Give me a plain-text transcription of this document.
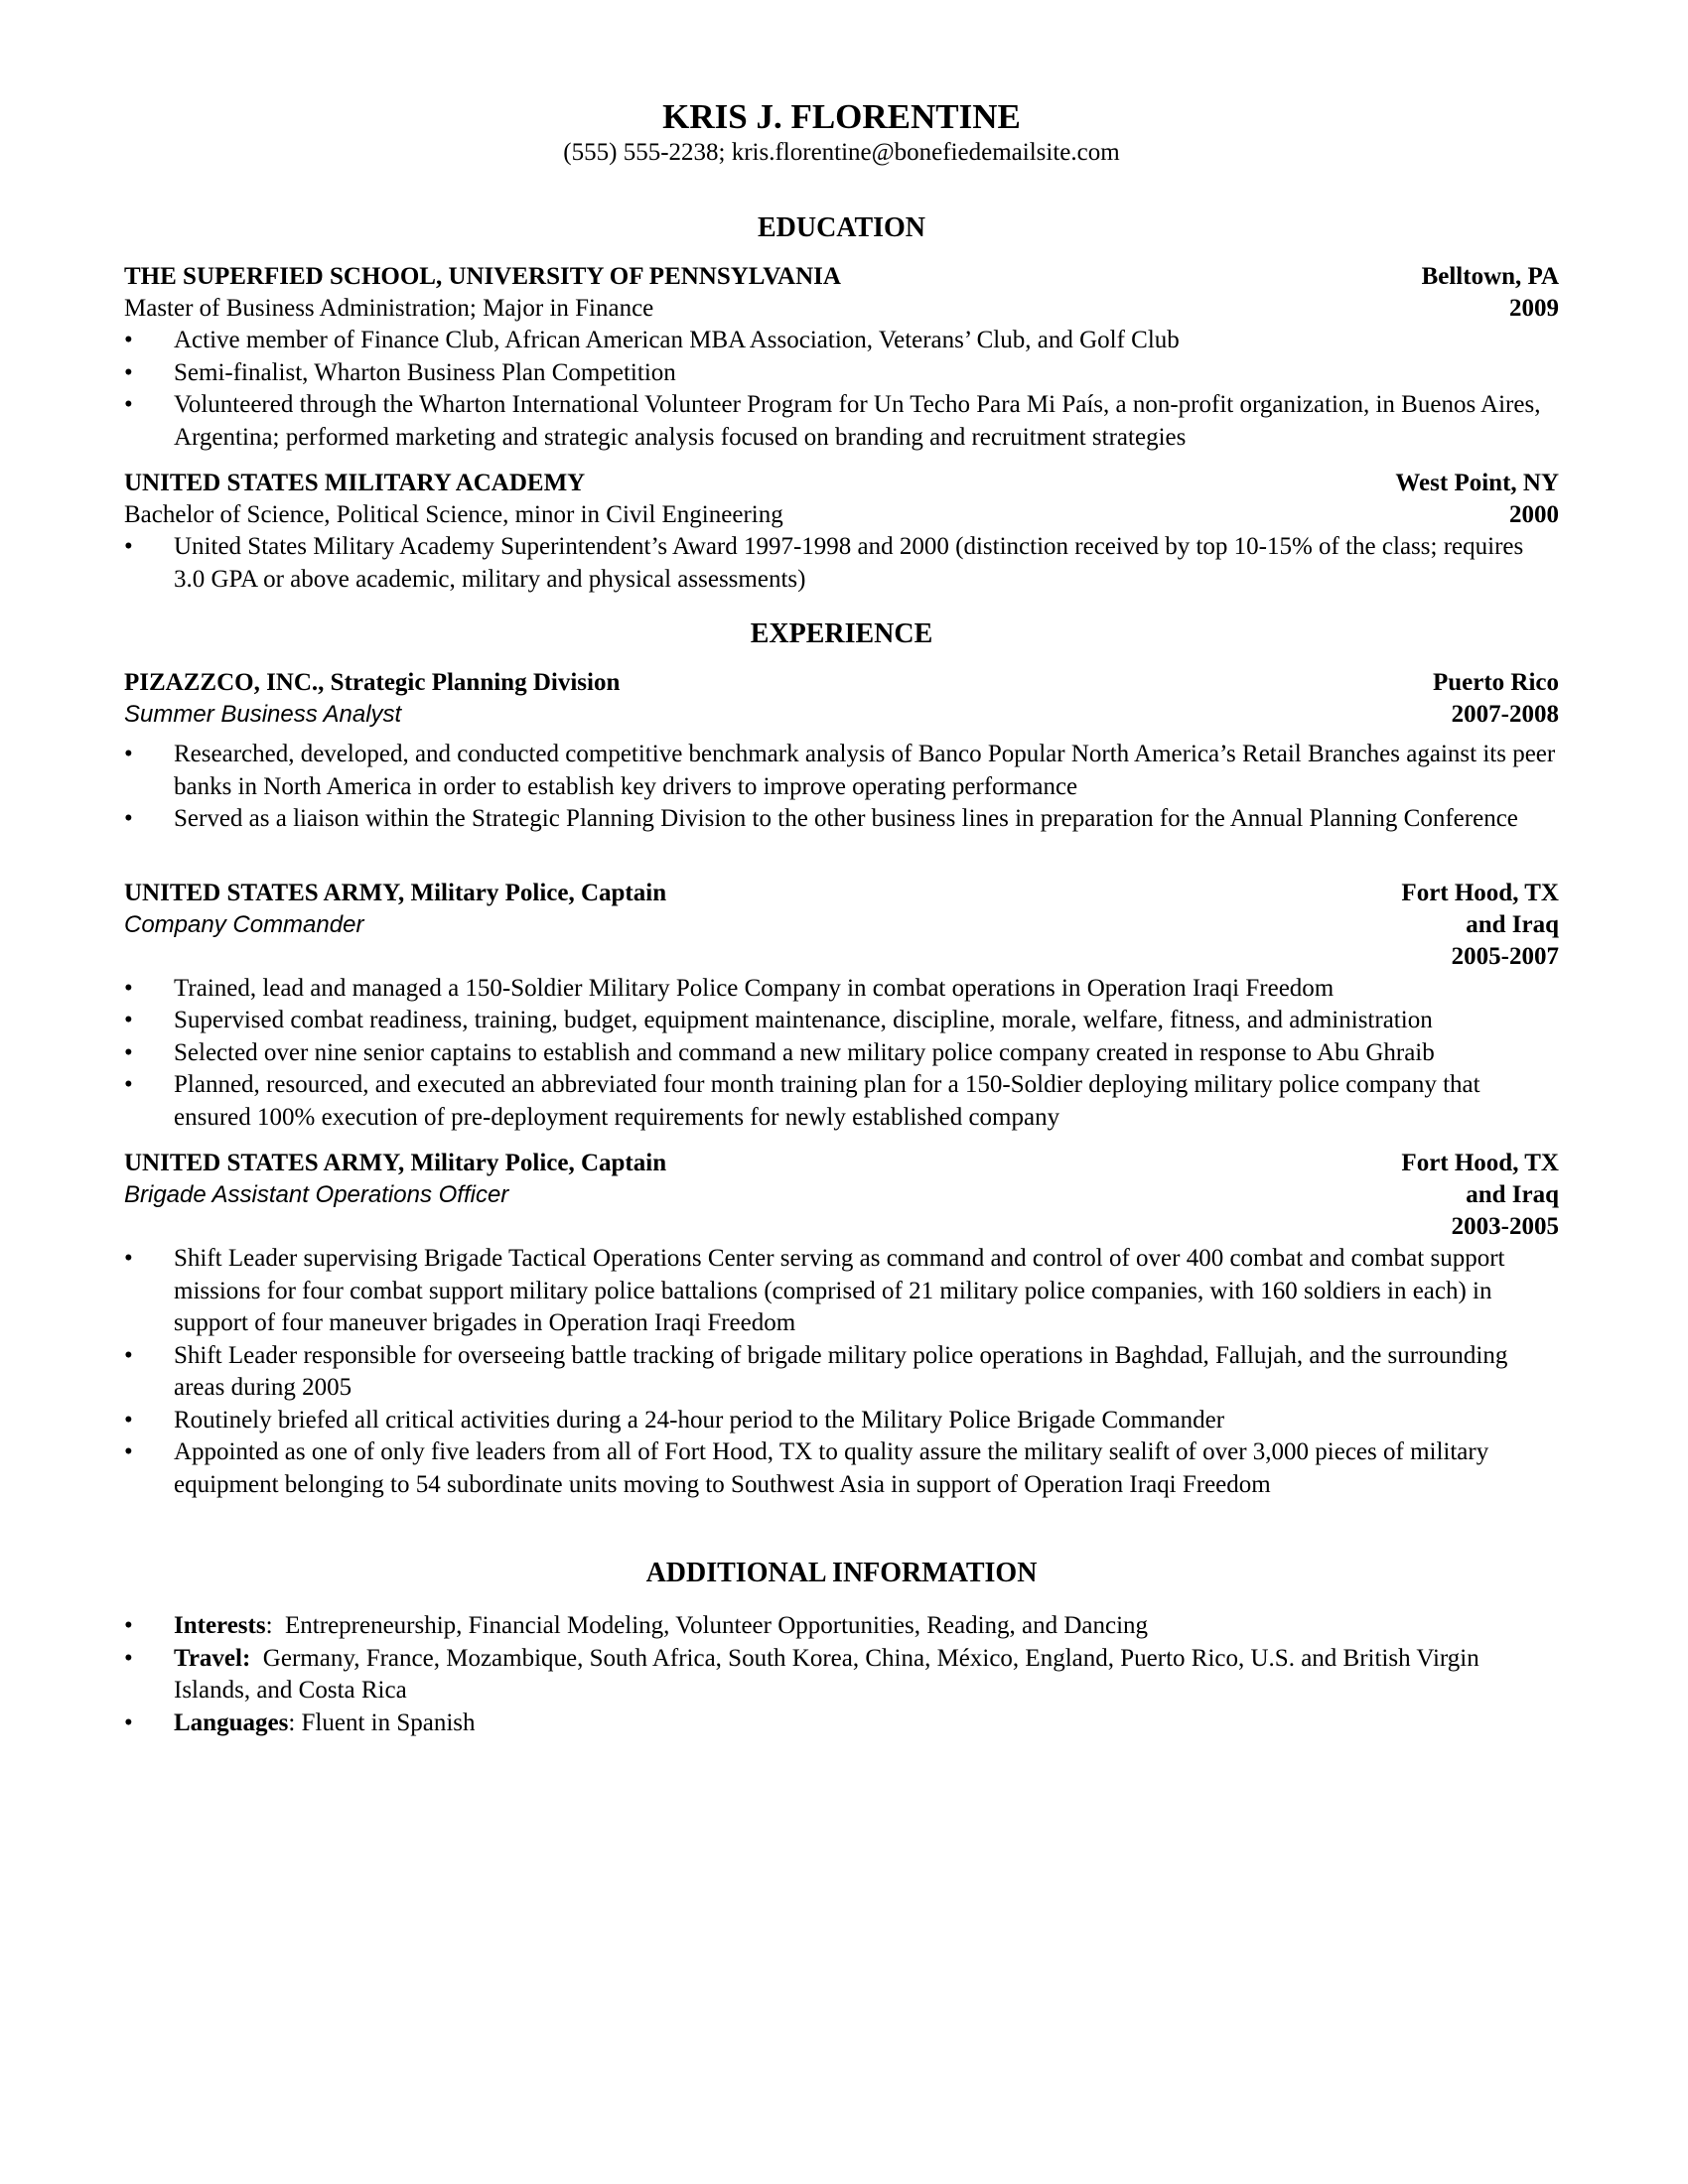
KRIS J. FLORENTINE

(555) 555-2238; kris.florentine@bonefiedemailsite.com

EDUCATION
THE SUPERFIED SCHOOL, UNIVERSITY OF PENNSYLVANIA	Belltown, PA
Master of Business Administration; Major in Finance	2009
•	Active member of Finance Club, African American MBA Association, Veterans’ Club, and Golf Club
•	Semi-finalist, Wharton Business Plan Competition
•	Volunteered through the Wharton International Volunteer Program for Un Techo Para Mi País, a non-profit organization, in Buenos Aires, Argentina; performed marketing and strategic analysis focused on branding and recruitment strategies
UNITED STATES MILITARY ACADEMY	West Point, NY
Bachelor of Science, Political Science, minor in Civil Engineering	2000
•	United States Military Academy Superintendent’s Award 1997-1998 and 2000 (distinction received by top 10-15% of the class; requires 3.0 GPA or above academic, military and physical assessments)
EXPERIENCE
PIZAZZCO, INC., Strategic Planning Division	Puerto Rico
Summer Business Analyst	2007-2008
•	Researched, developed, and conducted competitive benchmark analysis of Banco Popular North America’s Retail Branches against its peer banks in North America in order to establish key drivers to improve operating performance
•	Served as a liaison within the Strategic Planning Division to the other business lines in preparation for the Annual Planning Conference
UNITED STATES ARMY, Military Police, Captain	Fort Hood, TX
Company Commander	and Iraq
2005-2007
•	Trained, lead and managed a 150-Soldier Military Police Company in combat operations in Operation Iraqi Freedom
•	Supervised combat readiness, training, budget, equipment maintenance, discipline, morale, welfare, fitness, and administration
•	Selected over nine senior captains to establish and command a new military police company created in response to Abu Ghraib
•	Planned, resourced, and executed an abbreviated four month training plan for a 150-Soldier deploying military police company that ensured 100% execution of pre-deployment requirements for newly established company
UNITED STATES ARMY, Military Police, Captain	Fort Hood, TX
Brigade Assistant Operations Officer	and Iraq
2003-2005
•	Shift Leader supervising Brigade Tactical Operations Center serving as command and control of over 400 combat and combat support missions for four combat support military police battalions (comprised of 21 military police companies, with 160 soldiers in each) in support of four maneuver brigades in Operation Iraqi Freedom
•	Shift Leader responsible for overseeing battle tracking of brigade military police operations in Baghdad, Fallujah, and the surrounding areas during 2005
•	Routinely briefed all critical activities during a 24-hour period to the Military Police Brigade Commander
•	Appointed as one of only five leaders from all of Fort Hood, TX to quality assure the military sealift of over 3,000 pieces of military equipment belonging to 54 subordinate units moving to Southwest Asia in support of Operation Iraqi Freedom
ADDITIONAL INFORMATION
•	Interests:  Entrepreneurship, Financial Modeling, Volunteer Opportunities, Reading, and Dancing
•	Travel: Germany, France, Mozambique, South Africa, South Korea, China, México, England, Puerto Rico, U.S. and British Virgin Islands, and Costa Rica
•	Languages: Fluent in Spanish
